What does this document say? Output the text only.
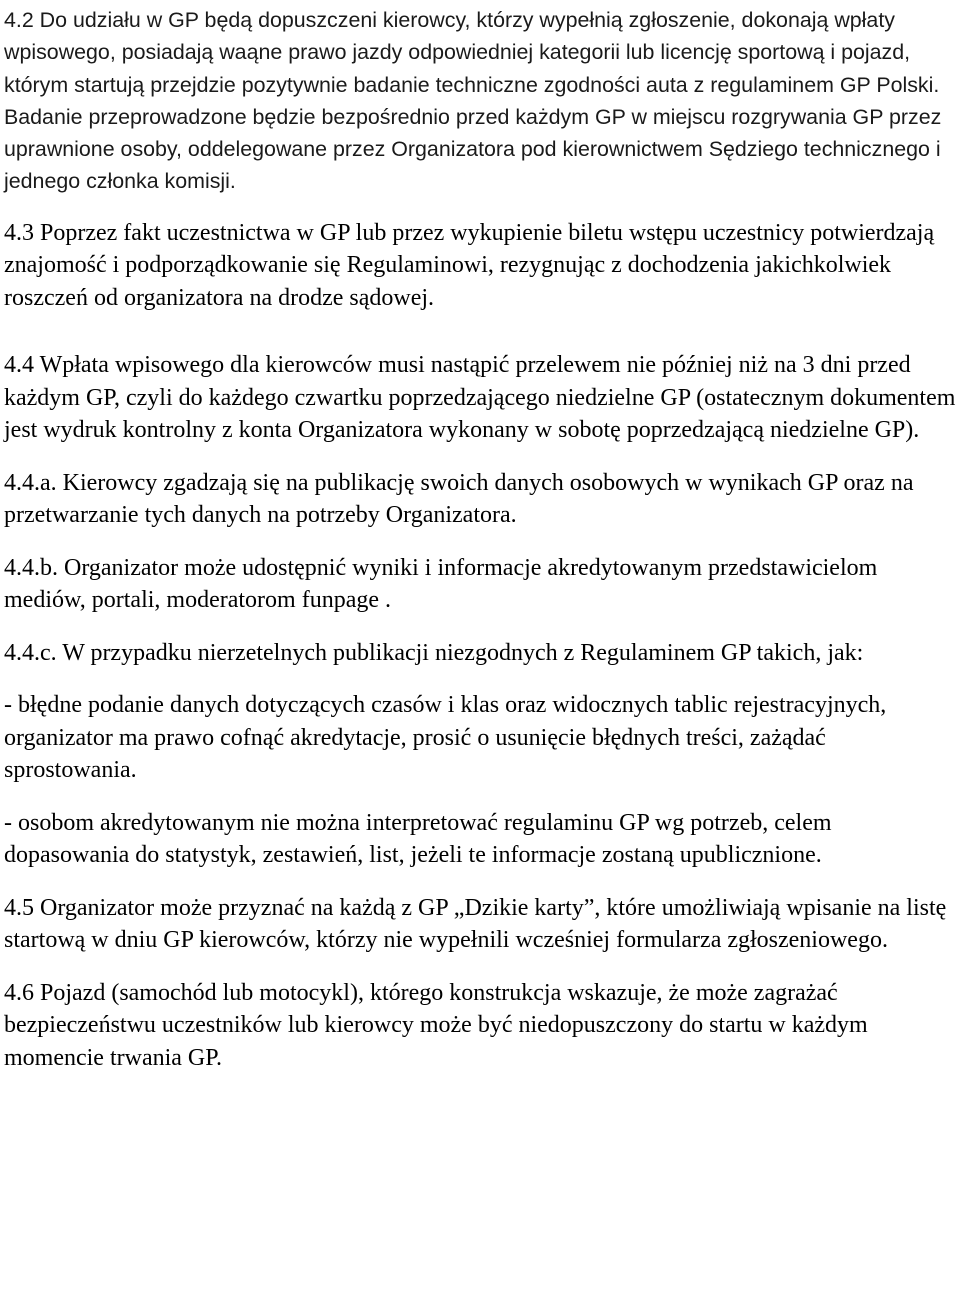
4.2 Do udziału w GP będą dopuszczeni kierowcy, którzy wypełnią zgłoszenie, dokonają wpłaty wpisowego, posiadają waąne prawo jazdy odpowiedniej kategorii lub licencję sportową i pojazd, którym startują przejdzie pozytywnie badanie techniczne zgodności auta z regulaminem GP Polski. Badanie przeprowadzone będzie bezpośrednio przed każdym GP w miejscu rozgrywania GP przez uprawnione osoby, oddelegowane przez Organizatora pod kierownictwem Sędziego technicznego i jednego członka komisji.

4.3 Poprzez fakt uczestnictwa w GP lub przez wykupienie biletu wstępu uczestnicy potwierdzają znajomość i podporządkowanie się Regulaminowi, rezygnując z dochodzenia jakichkolwiek roszczeń od organizatora na drodze sądowej.

4.4 Wpłata wpisowego dla kierowców musi nastąpić przelewem nie później niż na 3 dni przed każdym GP, czyli do każdego czwartku poprzedzającego niedzielne GP (ostatecznym dokumentem jest wydruk kontrolny z konta Organizatora wykonany w sobotę poprzedzającą niedzielne GP).

4.4.a. Kierowcy zgadzają się na publikację swoich danych osobowych w wynikach GP oraz na przetwarzanie tych danych na potrzeby Organizatora.

4.4.b. Organizator może udostępnić wyniki i informacje akredytowanym przedstawicielom mediów, portali, moderatorom funpage .

4.4.c. W przypadku nierzetelnych publikacji niezgodnych z Regulaminem GP takich, jak:

- błędne podanie danych dotyczących czasów i klas oraz widocznych tablic rejestracyjnych, organizator ma prawo cofnąć akredytacje, prosić o usunięcie błędnych treści, zażądać sprostowania.

- osobom akredytowanym nie można interpretować regulaminu GP wg potrzeb, celem dopasowania do statystyk, zestawień, list, jeżeli te informacje zostaną upublicznione.

4.5 Organizator może przyznać na każdą z GP „Dzikie karty”, które umożliwiają wpisanie na listę startową w dniu GP kierowców, którzy nie wypełnili wcześniej formularza zgłoszeniowego.

4.6 Pojazd (samochód lub motocykl), którego konstrukcja wskazuje, że może zagrażać bezpieczeństwu uczestników lub kierowcy może być niedopuszczony do startu w każdym momencie trwania GP.
